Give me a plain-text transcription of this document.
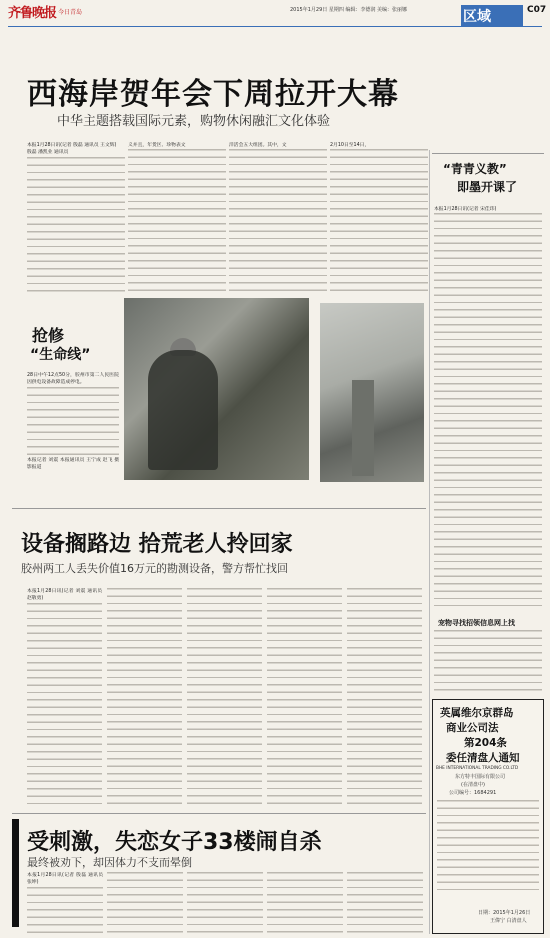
齐鲁晚报 今日青岛	2015年1月29日 星期四 编辑：李德润 美编：张丽娜	区域	C07
西海岸贺年会下周拉开大幕
中华主题搭载国际元素，购物休闲融汇文化体验
本报1月28日讯(记者 殷磊 通讯员 王文辉)
殷磊 潘凯业 通讯员
义并且，年货区、珍物表文	洋活会五大组团。其中，文	2月10日至14日，
抢修
“生命线”
28日中午12点50分，胶州市第二人民医院因供电设备故障造成停电。
本报记者 刘震 本报通讯员 王宁成 赵飞 摄影报道
设备搁路边 拾荒老人拎回家
胶州两工人丢失价值16万元的勘测设备，警方帮忙找回
本报1月28日讯(记者 刘震 通讯员 赵敬勇)
受刺激，失恋女子33楼闹自杀
最终被劝下，却因体力不支而晕倒
本报1月28日讯(记者 殷磊 通讯员 张坤)
“青青义教”
即墨开课了
本报1月28日讯(记者 宋佳玮)
宠物寻找招领信息网上找
英属维尔京群岛
商业公司法
第204条
委任清盘人通知
BHE INTERNATIONAL TRADING CO.LTD
东方特丰国际有限公司
(在清盘中)
公司编号：1684291
日期：2015年1月26日
王偉宁 白清盘人
